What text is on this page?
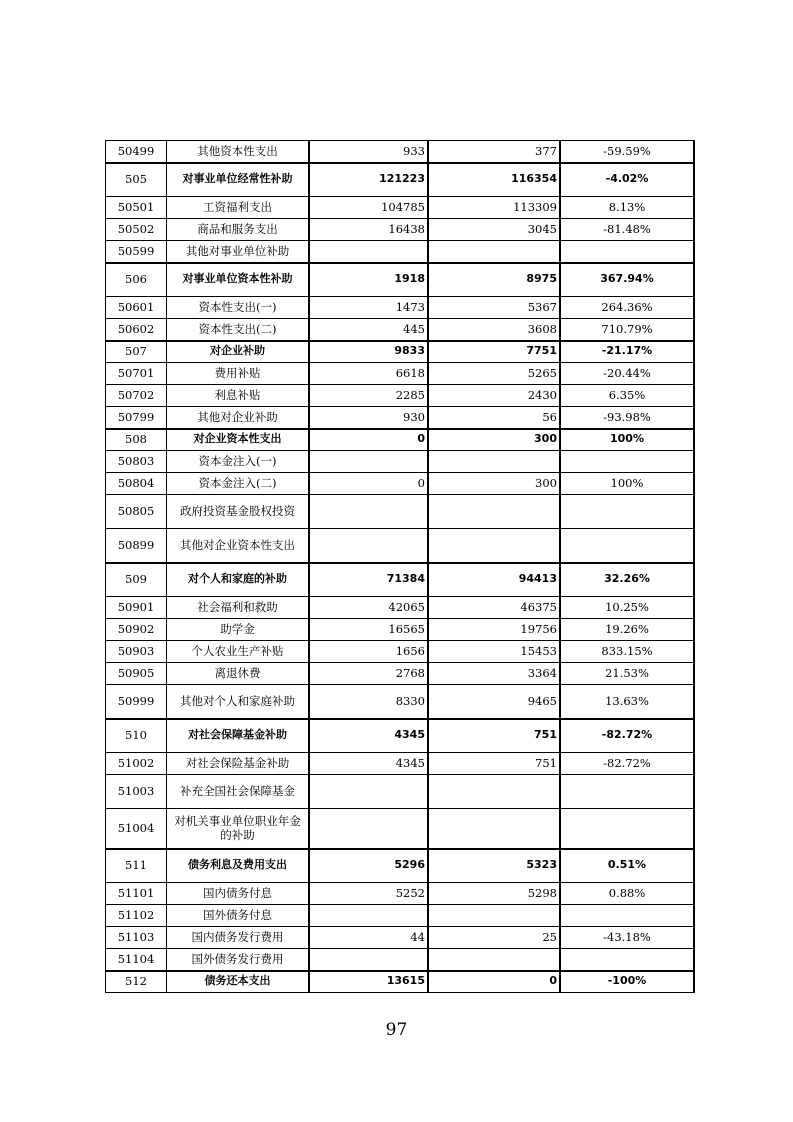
50499	其他资本性支出	933	377	-59.59%
505	对事业单位经常性补助	121223	116354	-4.02%
50501	工资福利支出	104785	113309	8.13%
50502	商品和服务支出	16438	3045	-81.48%
50599	其他对事业单位补助			
506	对事业单位资本性补助	1918	8975	367.94%
50601	资本性支出(一)	1473	5367	264.36%
50602	资本性支出(二)	445	3608	710.79%
507	对企业补助	9833	7751	-21.17%
50701	费用补贴	6618	5265	-20.44%
50702	利息补贴	2285	2430	6.35%
50799	其他对企业补助	930	56	-93.98%
508	对企业资本性支出	0	300	100%
50803	资本金注入(一)			
50804	资本金注入(二)	0	300	100%
50805	政府投资基金股权投资			
50899	其他对企业资本性支出			
509	对个人和家庭的补助	71384	94413	32.26%
50901	社会福利和救助	42065	46375	10.25%
50902	助学金	16565	19756	19.26%
50903	个人农业生产补贴	1656	15453	833.15%
50905	离退休费	2768	3364	21.53%
50999	其他对个人和家庭补助	8330	9465	13.63%
510	对社会保障基金补助	4345	751	-82.72%
51002	对社会保险基金补助	4345	751	-82.72%
51003	补充全国社会保障基金			
51004	对机关事业单位职业年金的补助			
511	债务利息及费用支出	5296	5323	0.51%
51101	国内债务付息	5252	5298	0.88%
51102	国外债务付息			
51103	国内债务发行费用	44	25	-43.18%
51104	国外债务发行费用			
512	债务还本支出	13615	0	-100%
97
